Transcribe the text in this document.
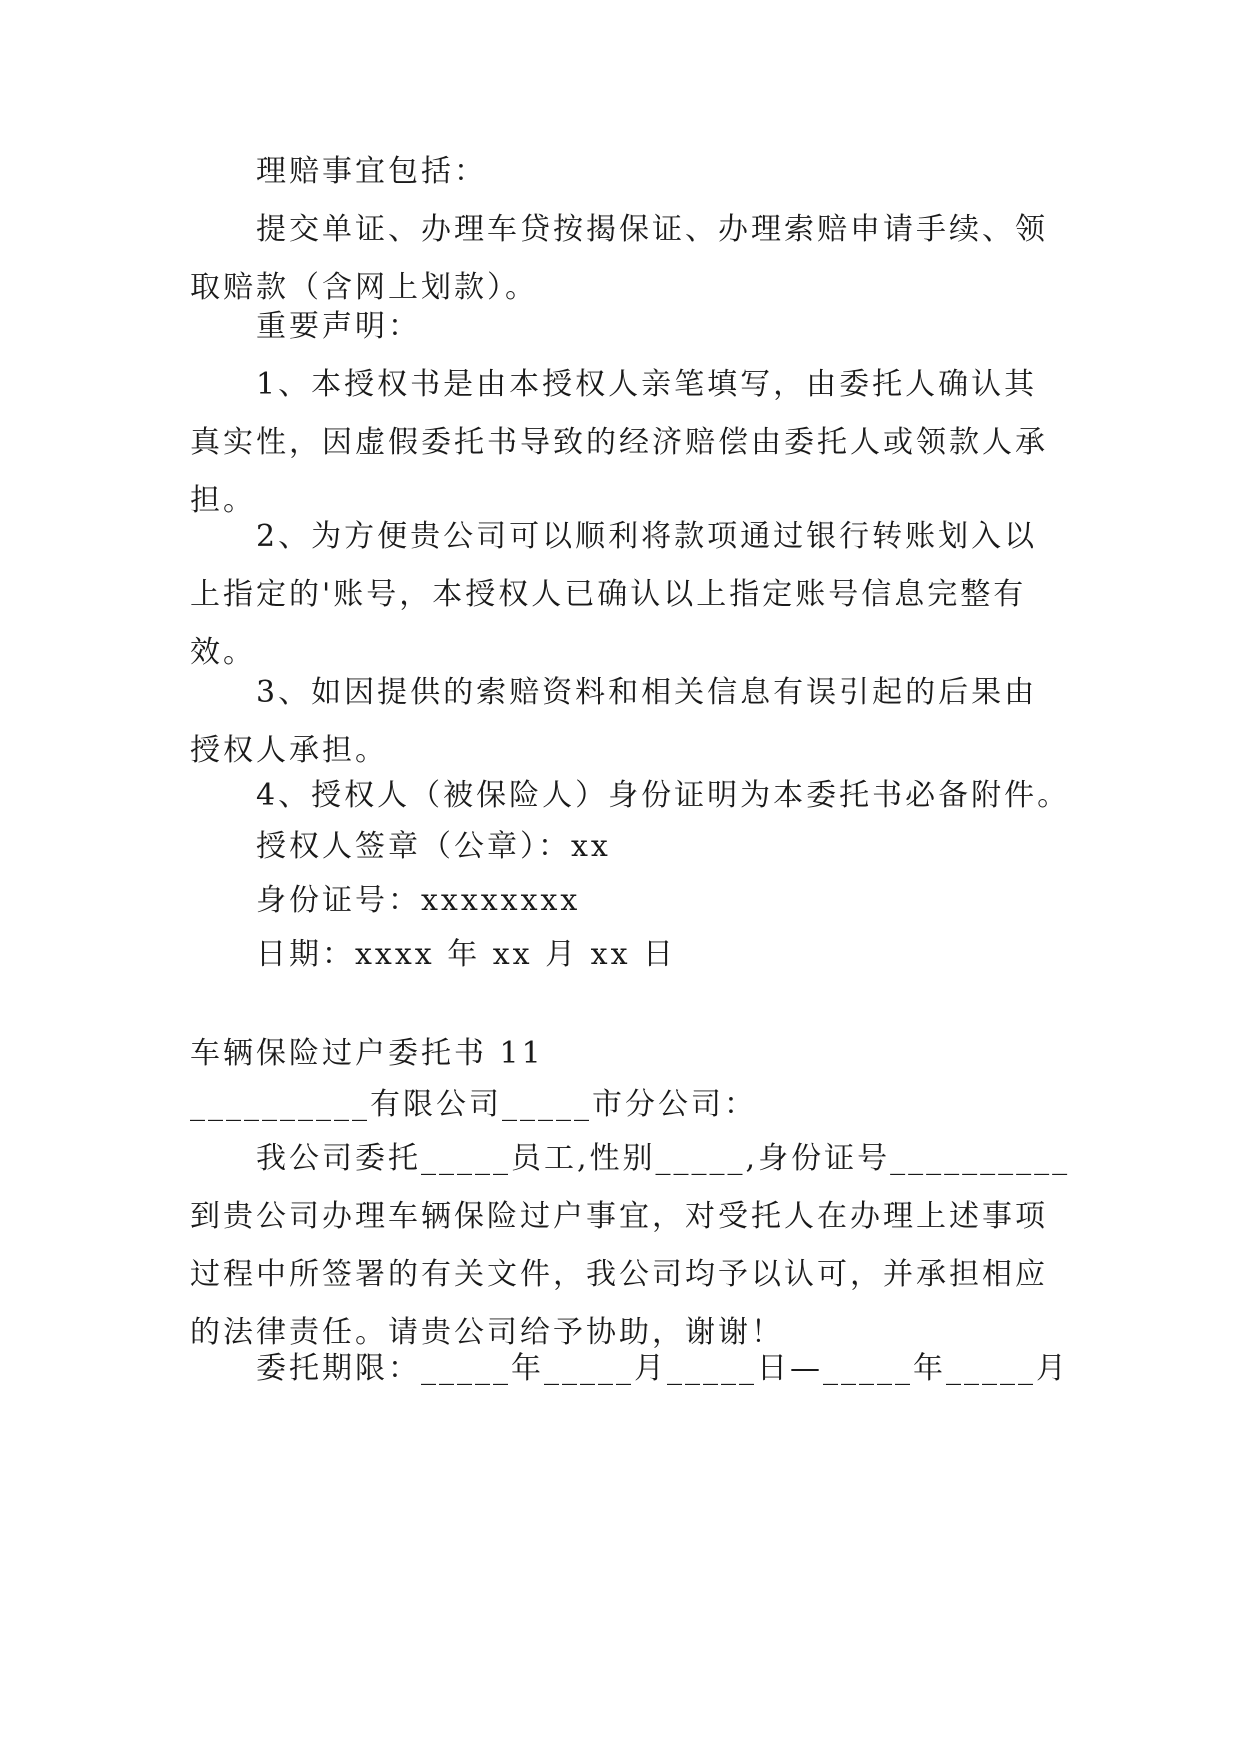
理赔事宜包括：
提交单证、办理车贷按揭保证、办理索赔申请手续、领
取赔款（含网上划款）。
重要声明：
1、本授权书是由本授权人亲笔填写，由委托人确认其
真实性，因虚假委托书导致的经济赔偿由委托人或领款人承
担。
2、为方便贵公司可以顺利将款项通过银行转账划入以
上指定的'账号，本授权人已确认以上指定账号信息完整有
效。
3、如因提供的索赔资料和相关信息有误引起的后果由
授权人承担。
4、授权人（被保险人）身份证明为本委托书必备附件。
授权人签章（公章）：xx
身份证号：xxxxxxxx
日期：xxxx 年 xx 月 xx 日
车辆保险过户委托书 11
__________有限公司_____市分公司：
我公司委托_____员工,性别_____,身份证号__________
到贵公司办理车辆保险过户事宜，对受托人在办理上述事项
过程中所签署的有关文件，我公司均予以认可，并承担相应
的法律责任。请贵公司给予协助，谢谢！
委托期限：_____年_____月_____日—_____年_____月
